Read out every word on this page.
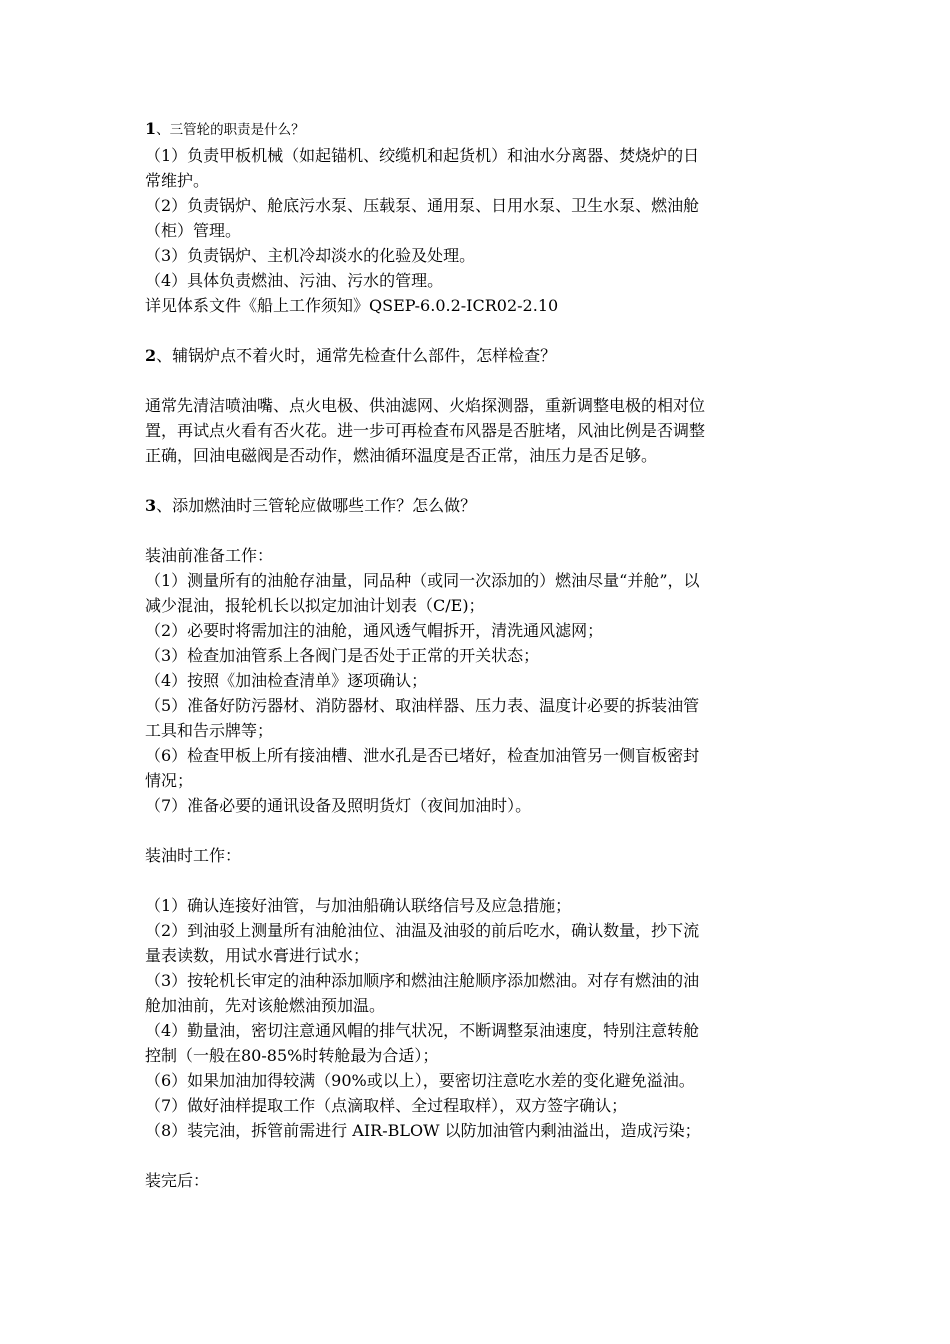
1、三管轮的职责是什么？

（1）负责甲板机械（如起锚机、绞缆机和起货机）和油水分离器、焚烧炉的日

常维护。

（2）负责锅炉、舱底污水泵、压载泵、通用泵、日用水泵、卫生水泵、燃油舱

（柜）管理。

（3）负责锅炉、主机冷却淡水的化验及处理。

（4）具体负责燃油、污油、污水的管理。

详见体系文件《船上工作须知》QSEP-6.0.2-ICR02-2.10

2、辅锅炉点不着火时，通常先检查什么部件，怎样检查？

通常先清洁喷油嘴、点火电极、供油滤网、火焰探测器，重新调整电极的相对位

置，再试点火看有否火花。进一步可再检查布风器是否脏堵，风油比例是否调整

正确，回油电磁阀是否动作，燃油循环温度是否正常，油压力是否足够。

3、添加燃油时三管轮应做哪些工作？怎么做？

装油前准备工作：

（1）测量所有的油舱存油量，同品种（或同一次添加的）燃油尽量“并舱”，以

减少混油，报轮机长以拟定加油计划表（C/E)；

（2）必要时将需加注的油舱，通风透气帽拆开，清洗通风滤网；

（3）检查加油管系上各阀门是否处于正常的开关状态；

（4）按照《加油检查清单》逐项确认；

（5）准备好防污器材、消防器材、取油样器、压力表、温度计必要的拆装油管

工具和告示牌等；

（6）检查甲板上所有接油槽、泄水孔是否已堵好，检查加油管另一侧盲板密封

情况；

（7）准备必要的通讯设备及照明货灯（夜间加油时）。

装油时工作：

（1）确认连接好油管，与加油船确认联络信号及应急措施；

（2）到油驳上测量所有油舱油位、油温及油驳的前后吃水，确认数量，抄下流

量表读数，用试水膏进行试水；

（3）按轮机长审定的油种添加顺序和燃油注舱顺序添加燃油。对存有燃油的油

舱加油前，先对该舱燃油预加温。

（4）勤量油，密切注意通风帽的排气状况，不断调整泵油速度，特别注意转舱

控制（一般在80-85%时转舱最为合适）；

（6）如果加油加得较满（90%或以上），要密切注意吃水差的变化避免溢油。

（7）做好油样提取工作（点滴取样、全过程取样），双方签字确认；

（8）装完油，拆管前需进行 AIR-BLOW 以防加油管内剩油溢出，造成污染；

装完后：
